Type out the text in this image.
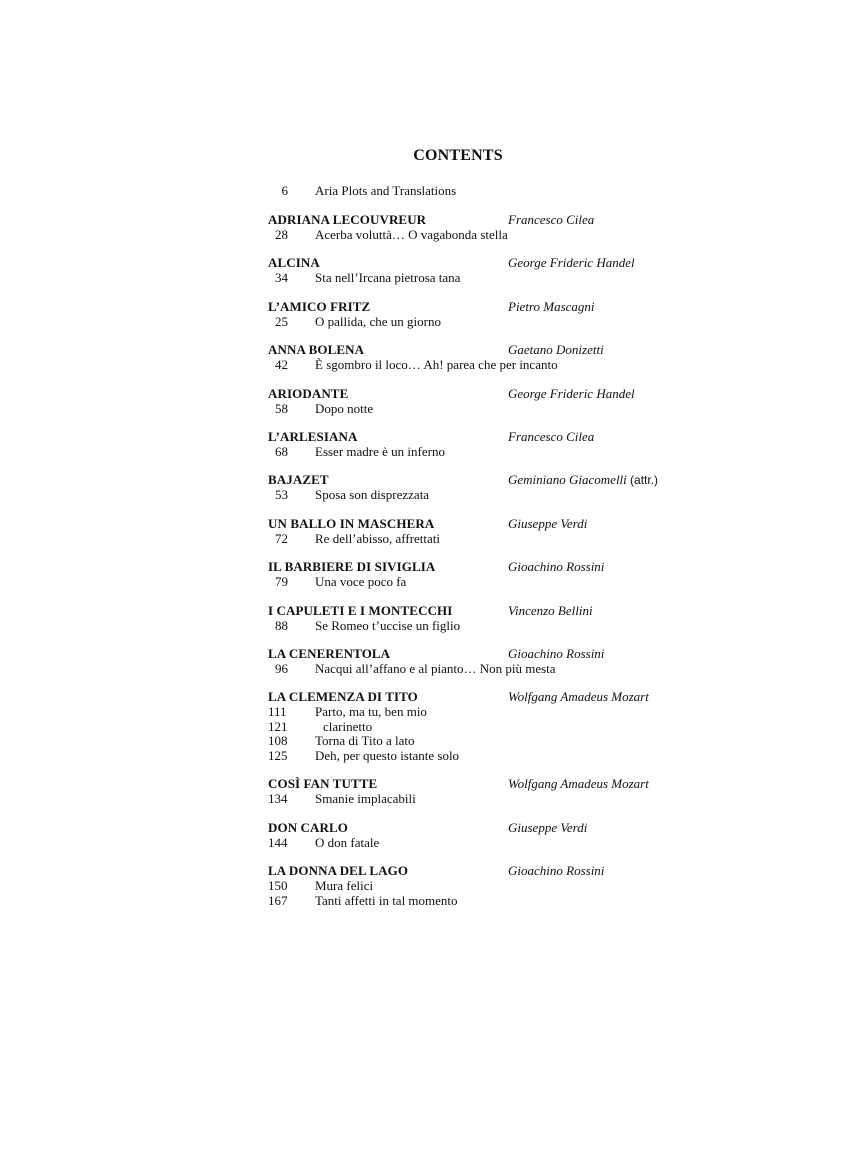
CONTENTS
6 Aria Plots and Translations
ADRIANA LECOUVREUR	Francesco Cilea
28 Acerba voluttà… O vagabonda stella
ALCINA	George Frideric Handel
34 Sta nell’Ircana pietrosa tana
L’AMICO FRITZ	Pietro Mascagni
25 O pallida, che un giorno
ANNA BOLENA	Gaetano Donizetti
42 È sgombro il loco… Ah! parea che per incanto
ARIODANTE	George Frideric Handel
58 Dopo notte
L’ARLESIANA	Francesco Cilea
68 Esser madre è un inferno
BAJAZET	Geminiano Giacomelli (attr.)
53 Sposa son disprezzata
UN BALLO IN MASCHERA	Giuseppe Verdi
72 Re dell’abisso, affrettati
IL BARBIERE DI SIVIGLIA	Gioachino Rossini
79 Una voce poco fa
I CAPULETI E I MONTECCHI	Vincenzo Bellini
88 Se Romeo t’uccise un figlio
LA CENERENTOLA	Gioachino Rossini
96 Nacqui all’affano e al pianto… Non più mesta
LA CLEMENZA DI TITO	Wolfgang Amadeus Mozart
111	Parto, ma tu, ben mio
121	clarinetto
108	Torna di Tito a lato
125	Deh, per questo istante solo
COSÌ FAN TUTTE	Wolfgang Amadeus Mozart
134	Smanie implacabili
DON CARLO	Giuseppe Verdi
144	O don fatale
LA DONNA DEL LAGO	Gioachino Rossini
150	Mura felici
167	Tanti affetti in tal momento
